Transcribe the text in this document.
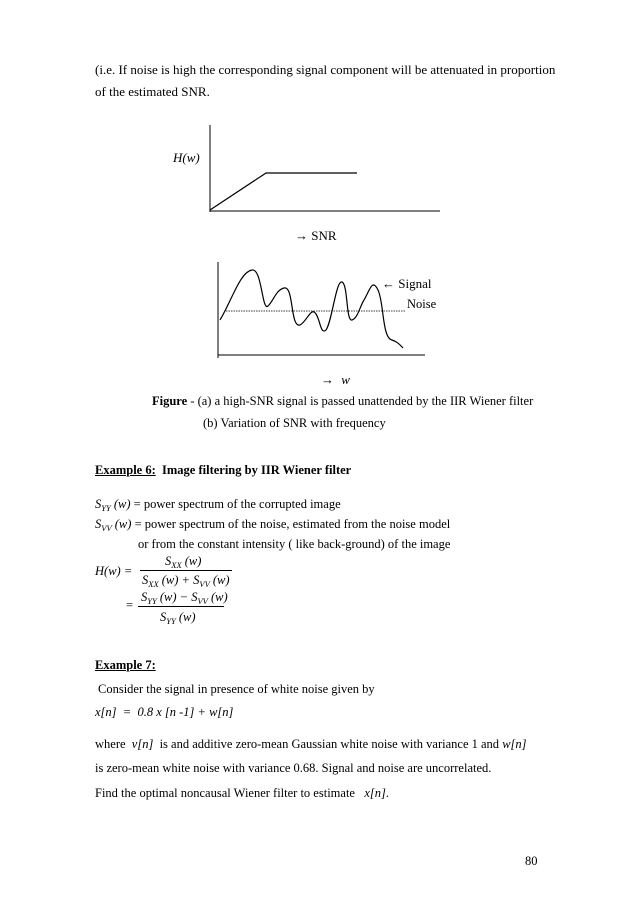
(i.e. If noise is high the corresponding signal component will be attenuated in proportion
of the estimated SNR.
H(w)
→ SNR
← Signal
Noise
→ w
Figure - (a) a high-SNR signal is passed unattended by the IIR Wiener filter
(b) Variation of SNR with frequency
Example 6:  Image filtering by IIR Wiener filter
$S_{YY}$ (w) = power spectrum of the corrupted image
$S_{VV}$ (w) = power spectrum of the noise, estimated from the noise model
or from the constant intensity ( like back-ground) of the image
H(w) =
$S_{XX}$ (w)
$S_{XX}$ $(w) + S_{VV}$ (w)
=
$S_{YY}$ $(w) - S_{VV}$ (w)
$S_{YY}$ (w)
Example 7:
Consider the signal in presence of white noise given by
x[n]  =  0.8 x [n -1] + w[n]
where  v[n]  is and additive zero-mean Gaussian white noise with variance 1 and w[n]
is zero-mean white noise with variance 0.68. Signal and noise are uncorrelated.
Find the optimal noncausal Wiener filter to estimate   x[n].
80
